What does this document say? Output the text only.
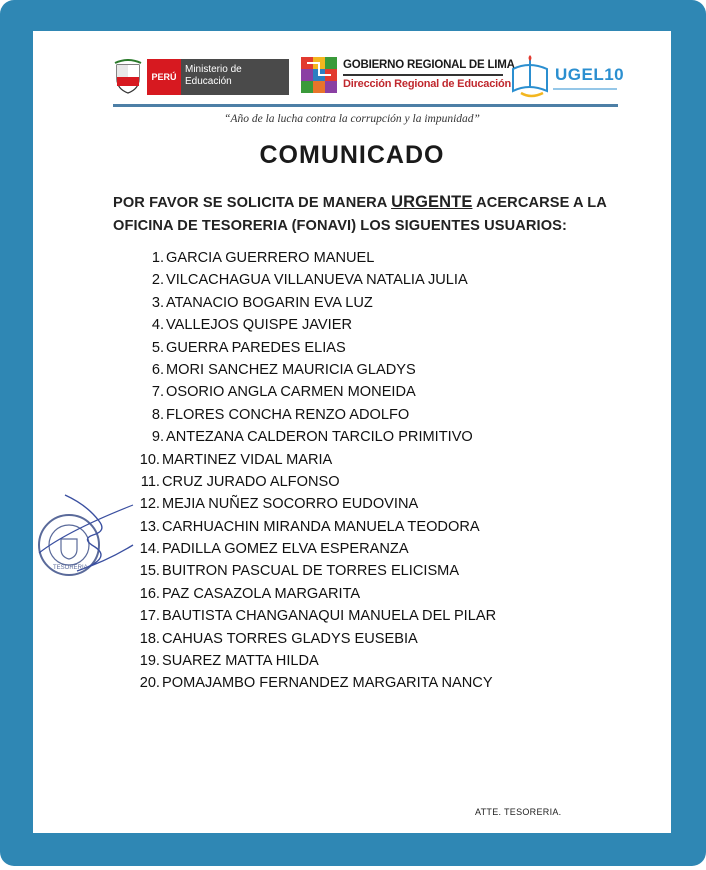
PERÚ
Ministerio de Educación
GOBIERNO REGIONAL DE LIMA
Dirección Regional de Educación	UGEL10
“Año de la lucha contra la corrupción y la impunidad”
COMUNICADO
POR FAVOR SE SOLICITA DE MANERA URGENTE ACERCARSE A LA OFICINA DE TESORERIA (FONAVI) LOS SIGUENTES USUARIOS:
1. GARCIA GUERRERO MANUEL
2. VILCACHAGUA VILLANUEVA NATALIA JULIA
3. ATANACIO BOGARIN EVA LUZ
4. VALLEJOS QUISPE JAVIER
5. GUERRA PAREDES ELIAS
6. MORI SANCHEZ MAURICIA GLADYS
7. OSORIO ANGLA CARMEN MONEIDA
8. FLORES CONCHA RENZO ADOLFO
9. ANTEZANA CALDERON TARCILO PRIMITIVO
10. MARTINEZ VIDAL MARIA
11. CRUZ JURADO ALFONSO
12. MEJIA NUÑEZ SOCORRO EUDOVINA
13. CARHUACHIN MIRANDA MANUELA TEODORA
14. PADILLA GOMEZ ELVA ESPERANZA
15. BUITRON PASCUAL DE TORRES ELICISMA
16. PAZ CASAZOLA MARGARITA
17. BAUTISTA CHANGANAQUI MANUELA DEL PILAR
18. CAHUAS TORRES GLADYS EUSEBIA
19. SUAREZ MATTA HILDA
20. POMAJAMBO FERNANDEZ MARGARITA NANCY
TESORERIA
ATTE. TESORERIA.
